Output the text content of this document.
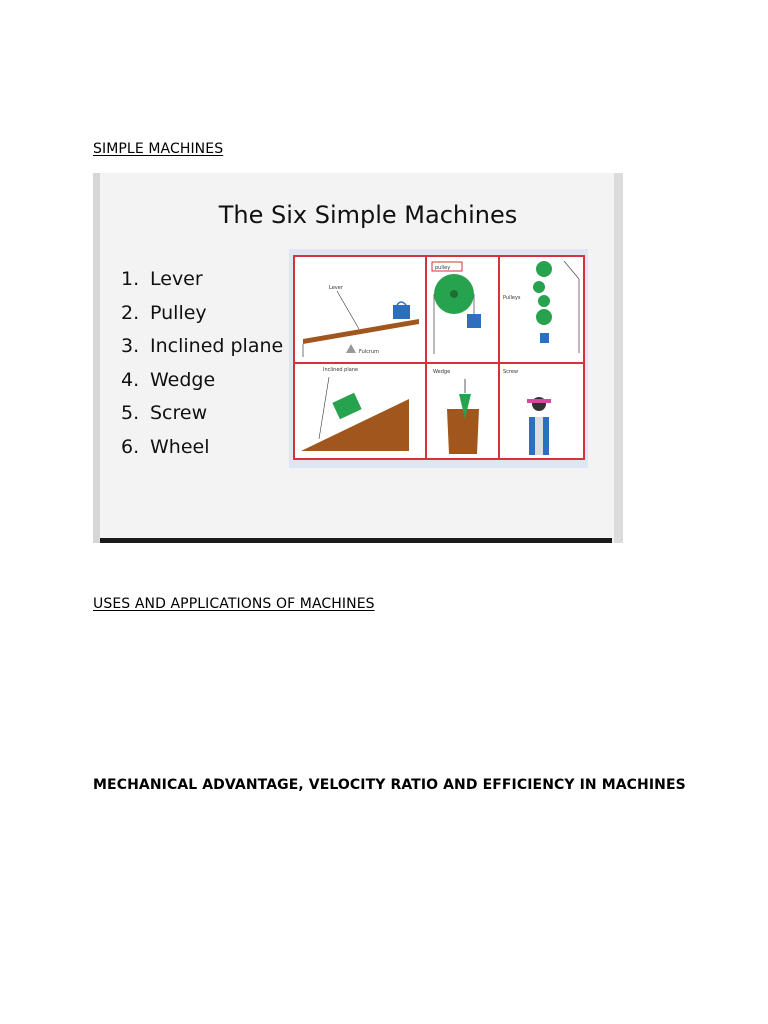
SIMPLE MACHINES
The Six Simple Machines
1. Lever
2. Pulley
3. Inclined plane
4. Wedge
5. Screw
6. Wheel
Lever
Fulcrum
pulley
Pulleys
Inclined plane	Wedge	Screw
USES AND APPLICATIONS OF MACHINES
MECHANICAL ADVANTAGE, VELOCITY RATIO AND EFFICIENCY IN MACHINES
